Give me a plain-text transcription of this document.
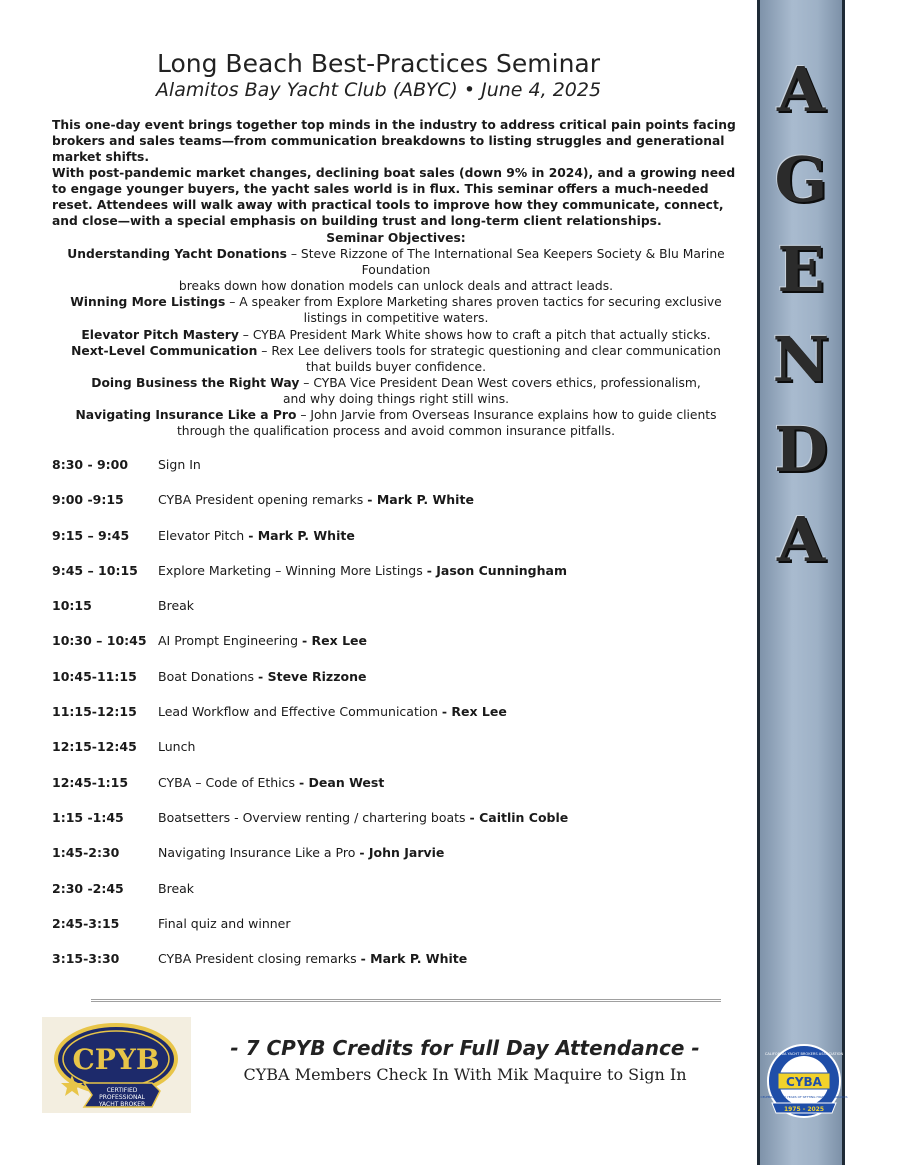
Long Beach Best-Practices Seminar
Alamitos Bay Yacht Club (ABYC) • June 4, 2025
This one-day event brings together top minds in the industry to address critical pain points facing brokers and sales teams—from communication breakdowns to listing struggles and generational market shifts.
With post-pandemic market changes, declining boat sales (down 9% in 2024), and a growing need to engage younger buyers, the yacht sales world is in flux. This seminar offers a much-needed reset. Attendees will walk away with practical tools to improve how they communicate, connect, and close—with a special emphasis on building trust and long-term client relationships.
Seminar Objectives:
Understanding Yacht Donations – Steve Rizzone of The International Sea Keepers Society & Blu Marine Foundation
breaks down how donation models can unlock deals and attract leads.
Winning More Listings – A speaker from Explore Marketing shares proven tactics for securing exclusive
listings in competitive waters.
Elevator Pitch Mastery – CYBA President Mark White shows how to craft a pitch that actually sticks.
Next-Level Communication – Rex Lee delivers tools for strategic questioning and clear communication
that builds buyer confidence.
Doing Business the Right Way – CYBA Vice President Dean West covers ethics, professionalism,
and why doing things right still wins.
Navigating Insurance Like a Pro – John Jarvie from Overseas Insurance explains how to guide clients
through the qualification process and avoid common insurance pitfalls.
8:30 - 9:00 Sign In
9:00 -9:15	CYBA President opening remarks - Mark P. White
9:15 – 9:45 Elevator Pitch - Mark P. White
9:45 – 10:15 Explore Marketing – Winning More Listings - Jason Cunningham
10:15	Break
10:30 – 10:45 AI Prompt Engineering - Rex Lee
10:45-11:15 Boat Donations - Steve Rizzone
11:15-12:15 Lead Workflow and Effective Communication - Rex Lee
12:15-12:45 Lunch
12:45-1:15 CYBA – Code of Ethics - Dean West
1:15 -1:45	Boatsetters - Overview renting / chartering boats - Caitlin Coble
1:45-2:30	Navigating Insurance Like a Pro - John Jarvie
2:30 -2:45	Break
2:45-3:15	Final quiz and winner
3:15-3:30	CYBA President closing remarks - Mark P. White
CPYB
CERTIFIED
PROFESSIONAL
YACHT BROKER
- 7 CPYB Credits for Full Day Attendance -
CYBA Members Check In With Mik Maquire to Sign In
A
G
E
N
D
A
CYBA
CELEBRATING 50 YEARS OF SETTING HIGHER STANDARDS
CALIFORNIA YACHT BROKERS ASSOCIATION
1975 - 2025
